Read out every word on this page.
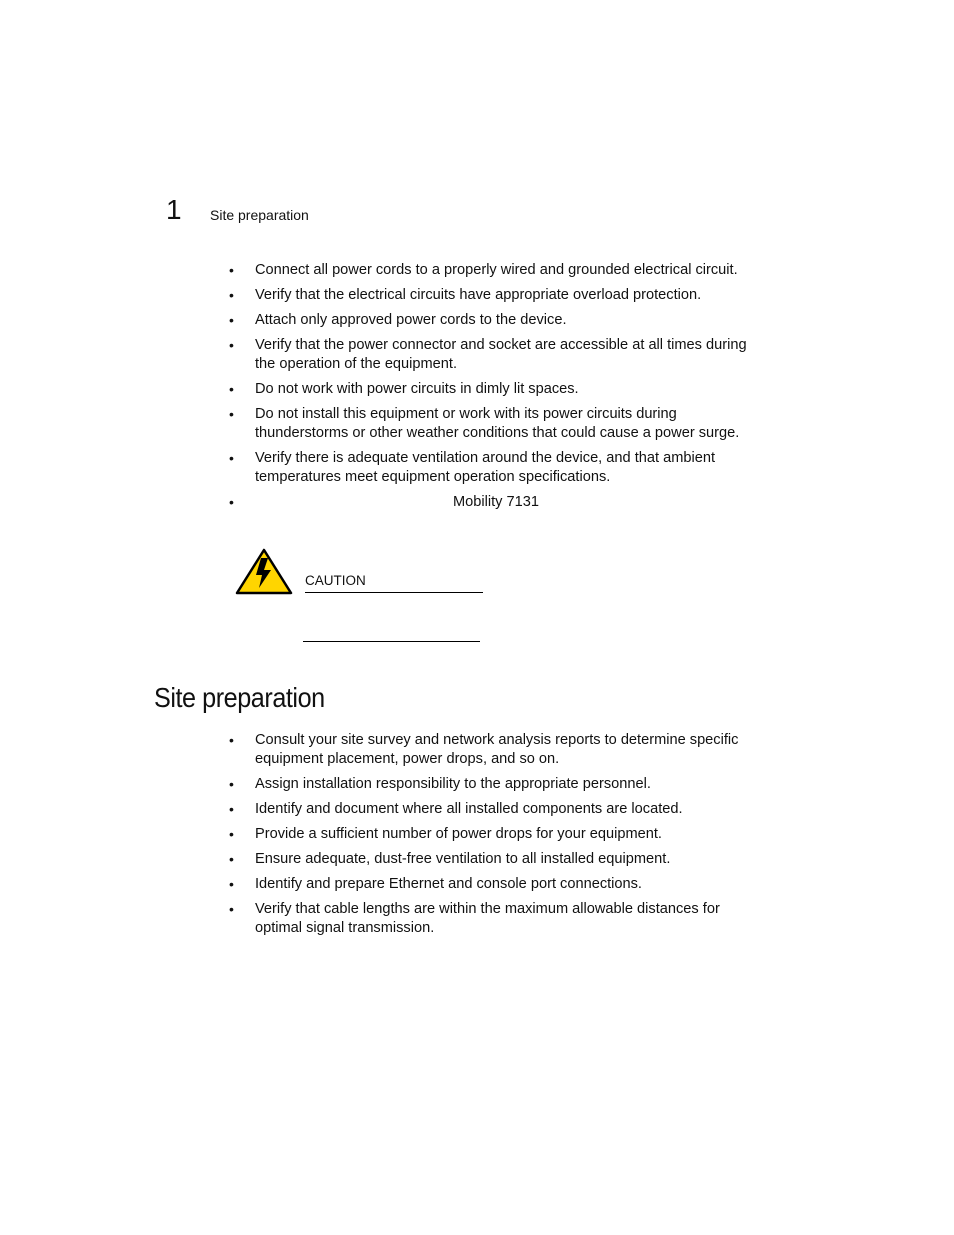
1 Site preparation
• Connect all power cords to a properly wired and grounded electrical circuit.
• Verify that the electrical circuits have appropriate overload protection.
• Attach only approved power cords to the device.
• Verify that the power connector and socket are accessible at all times during the operation of the equipment.
• Do not work with power circuits in dimly lit spaces.
• Do not install this equipment or work with its power circuits during thunderstorms or other weather conditions that could cause a power surge.
• Verify there is adequate ventilation around the device, and that ambient temperatures meet equipment operation specifications.
•	Mobility 7131
CAUTION
Site preparation
• Consult your site survey and network analysis reports to determine specific equipment placement, power drops, and so on.
• Assign installation responsibility to the appropriate personnel.
• Identify and document where all installed components are located.
• Provide a sufficient number of power drops for your equipment.
• Ensure adequate, dust-free ventilation to all installed equipment.
• Identify and prepare Ethernet and console port connections.
• Verify that cable lengths are within the maximum allowable distances for optimal signal transmission.
